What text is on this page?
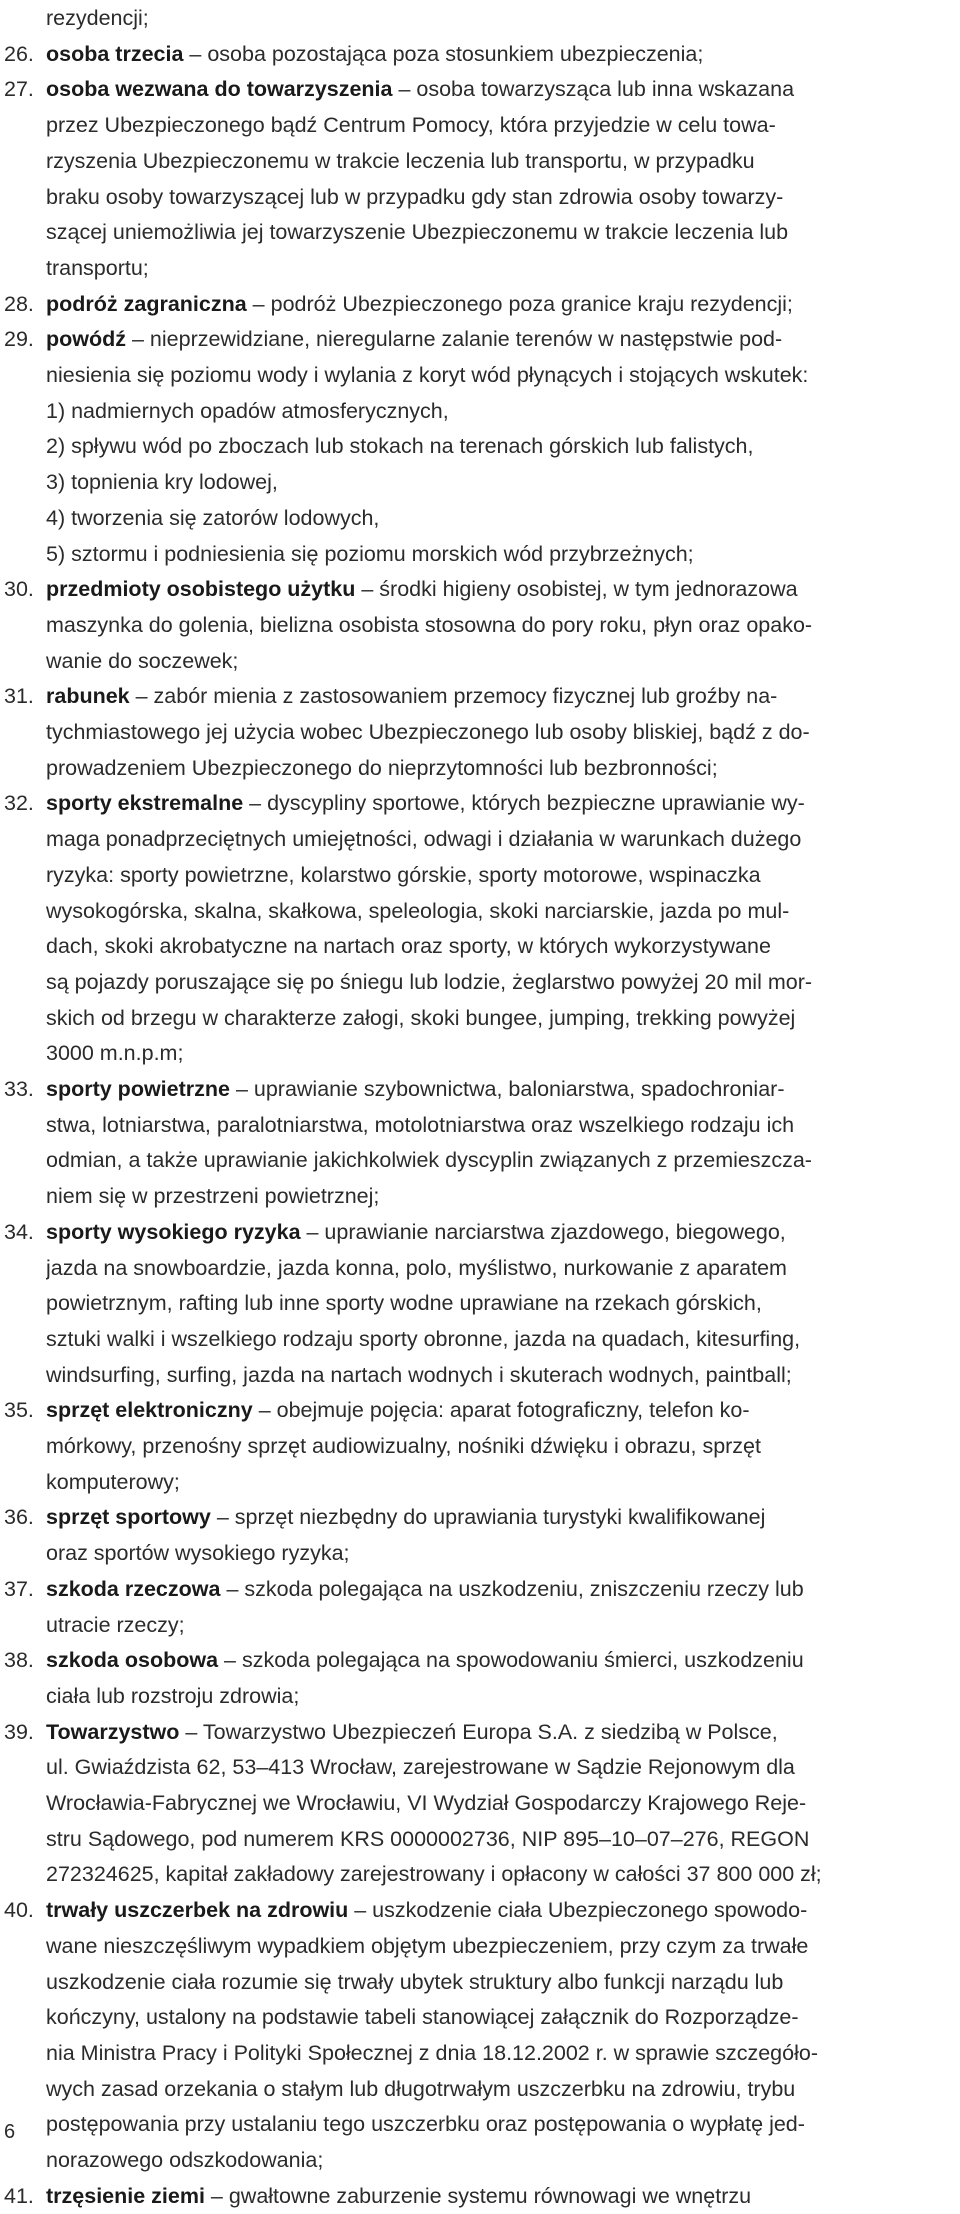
rezydencji;
26. osoba trzecia – osoba pozostająca poza stosunkiem ubezpieczenia;
27. osoba wezwana do towarzyszenia – osoba towarzysząca lub inna wskazana
przez Ubezpieczonego bądź Centrum Pomocy, która przyjedzie w celu towa-
rzyszenia Ubezpieczonemu w trakcie leczenia lub transportu, w przypadku
braku osoby towarzyszącej lub w przypadku gdy stan zdrowia osoby towarzy-
szącej uniemożliwia jej towarzyszenie Ubezpieczonemu w trakcie leczenia lub
transportu;
28. podróż zagraniczna – podróż Ubezpieczonego poza granice kraju rezydencji;
29. powódź – nieprzewidziane, nieregularne zalanie terenów w następstwie pod-
niesienia się poziomu wody i wylania z koryt wód płynących i stojących wskutek:
1) nadmiernych opadów atmosferycznych,
2) spływu wód po zboczach lub stokach na terenach górskich lub falistych,
3) topnienia kry lodowej,
4) tworzenia się zatorów lodowych,
5) sztormu i podniesienia się poziomu morskich wód przybrzeżnych;
30. przedmioty osobistego użytku – środki higieny osobistej, w tym jednorazowa
maszynka do golenia, bielizna osobista stosowna do pory roku, płyn oraz opako-
wanie do soczewek;
31. rabunek – zabór mienia z zastosowaniem przemocy fizycznej lub groźby na-
tychmiastowego jej użycia wobec Ubezpieczonego lub osoby bliskiej, bądź z do-
prowadzeniem Ubezpieczonego do nieprzytomności lub bezbronności;
32. sporty ekstremalne – dyscypliny sportowe, których bezpieczne uprawianie wy-
maga ponadprzeciętnych umiejętności, odwagi i działania w warunkach dużego
ryzyka: sporty powietrzne, kolarstwo górskie, sporty motorowe, wspinaczka
wysokogórska, skalna, skałkowa, speleologia, skoki narciarskie, jazda po mul-
dach, skoki akrobatyczne na nartach oraz sporty, w których wykorzystywane
są pojazdy poruszające się po śniegu lub lodzie, żeglarstwo powyżej 20 mil mor-
skich od brzegu w charakterze załogi, skoki bungee, jumping, trekking powyżej
3000 m.n.p.m;
33. sporty powietrzne – uprawianie szybownictwa, baloniarstwa, spadochroniar-
stwa, lotniarstwa, paralotniarstwa, motolotniarstwa oraz wszelkiego rodzaju ich
odmian, a także uprawianie jakichkolwiek dyscyplin związanych z przemieszcza-
niem się w przestrzeni powietrznej;
34. sporty wysokiego ryzyka – uprawianie narciarstwa zjazdowego, biegowego,
jazda na snowboardzie, jazda konna, polo, myślistwo, nurkowanie z aparatem
powietrznym, rafting lub inne sporty wodne uprawiane na rzekach górskich,
sztuki walki i wszelkiego rodzaju sporty obronne, jazda na quadach, kitesurfing,
windsurfing, surfing, jazda na nartach wodnych i skuterach wodnych, paintball;
35. sprzęt elektroniczny – obejmuje pojęcia: aparat fotograficzny, telefon ko-
mórkowy, przenośny sprzęt audiowizualny, nośniki dźwięku i obrazu, sprzęt
komputerowy;
36. sprzęt sportowy – sprzęt niezbędny do uprawiania turystyki kwalifikowanej
oraz sportów wysokiego ryzyka;
37. szkoda rzeczowa – szkoda polegająca na uszkodzeniu, zniszczeniu rzeczy lub
utracie rzeczy;
38. szkoda osobowa – szkoda polegająca na spowodowaniu śmierci, uszkodzeniu
ciała lub rozstroju zdrowia;
39. Towarzystwo – Towarzystwo Ubezpieczeń Europa S.A. z siedzibą w Polsce,
ul. Gwiaździsta 62, 53–413 Wrocław, zarejestrowane w Sądzie Rejonowym dla
Wrocławia-Fabrycznej we Wrocławiu, VI Wydział Gospodarczy Krajowego Reje-
stru Sądowego, pod numerem KRS 0000002736, NIP 895–10–07–276, REGON
272324625, kapitał zakładowy zarejestrowany i opłacony w całości 37 800 000 zł;
40. trwały uszczerbek na zdrowiu – uszkodzenie ciała Ubezpieczonego spowodo-
wane nieszczęśliwym wypadkiem objętym ubezpieczeniem, przy czym za trwałe
uszkodzenie ciała rozumie się trwały ubytek struktury albo funkcji narządu lub
kończyny, ustalony na podstawie tabeli stanowiącej załącznik do Rozporządze-
nia Ministra Pracy i Polityki Społecznej z dnia 18.12.2002 r. w sprawie szczegóło-
wych zasad orzekania o stałym lub długotrwałym uszczerbku na zdrowiu, trybu
postępowania przy ustalaniu tego uszczerbku oraz postępowania o wypłatę jed-
norazowego odszkodowania;
41. trzęsienie ziemi – gwałtowne zaburzenie systemu równowagi we wnętrzu
6
